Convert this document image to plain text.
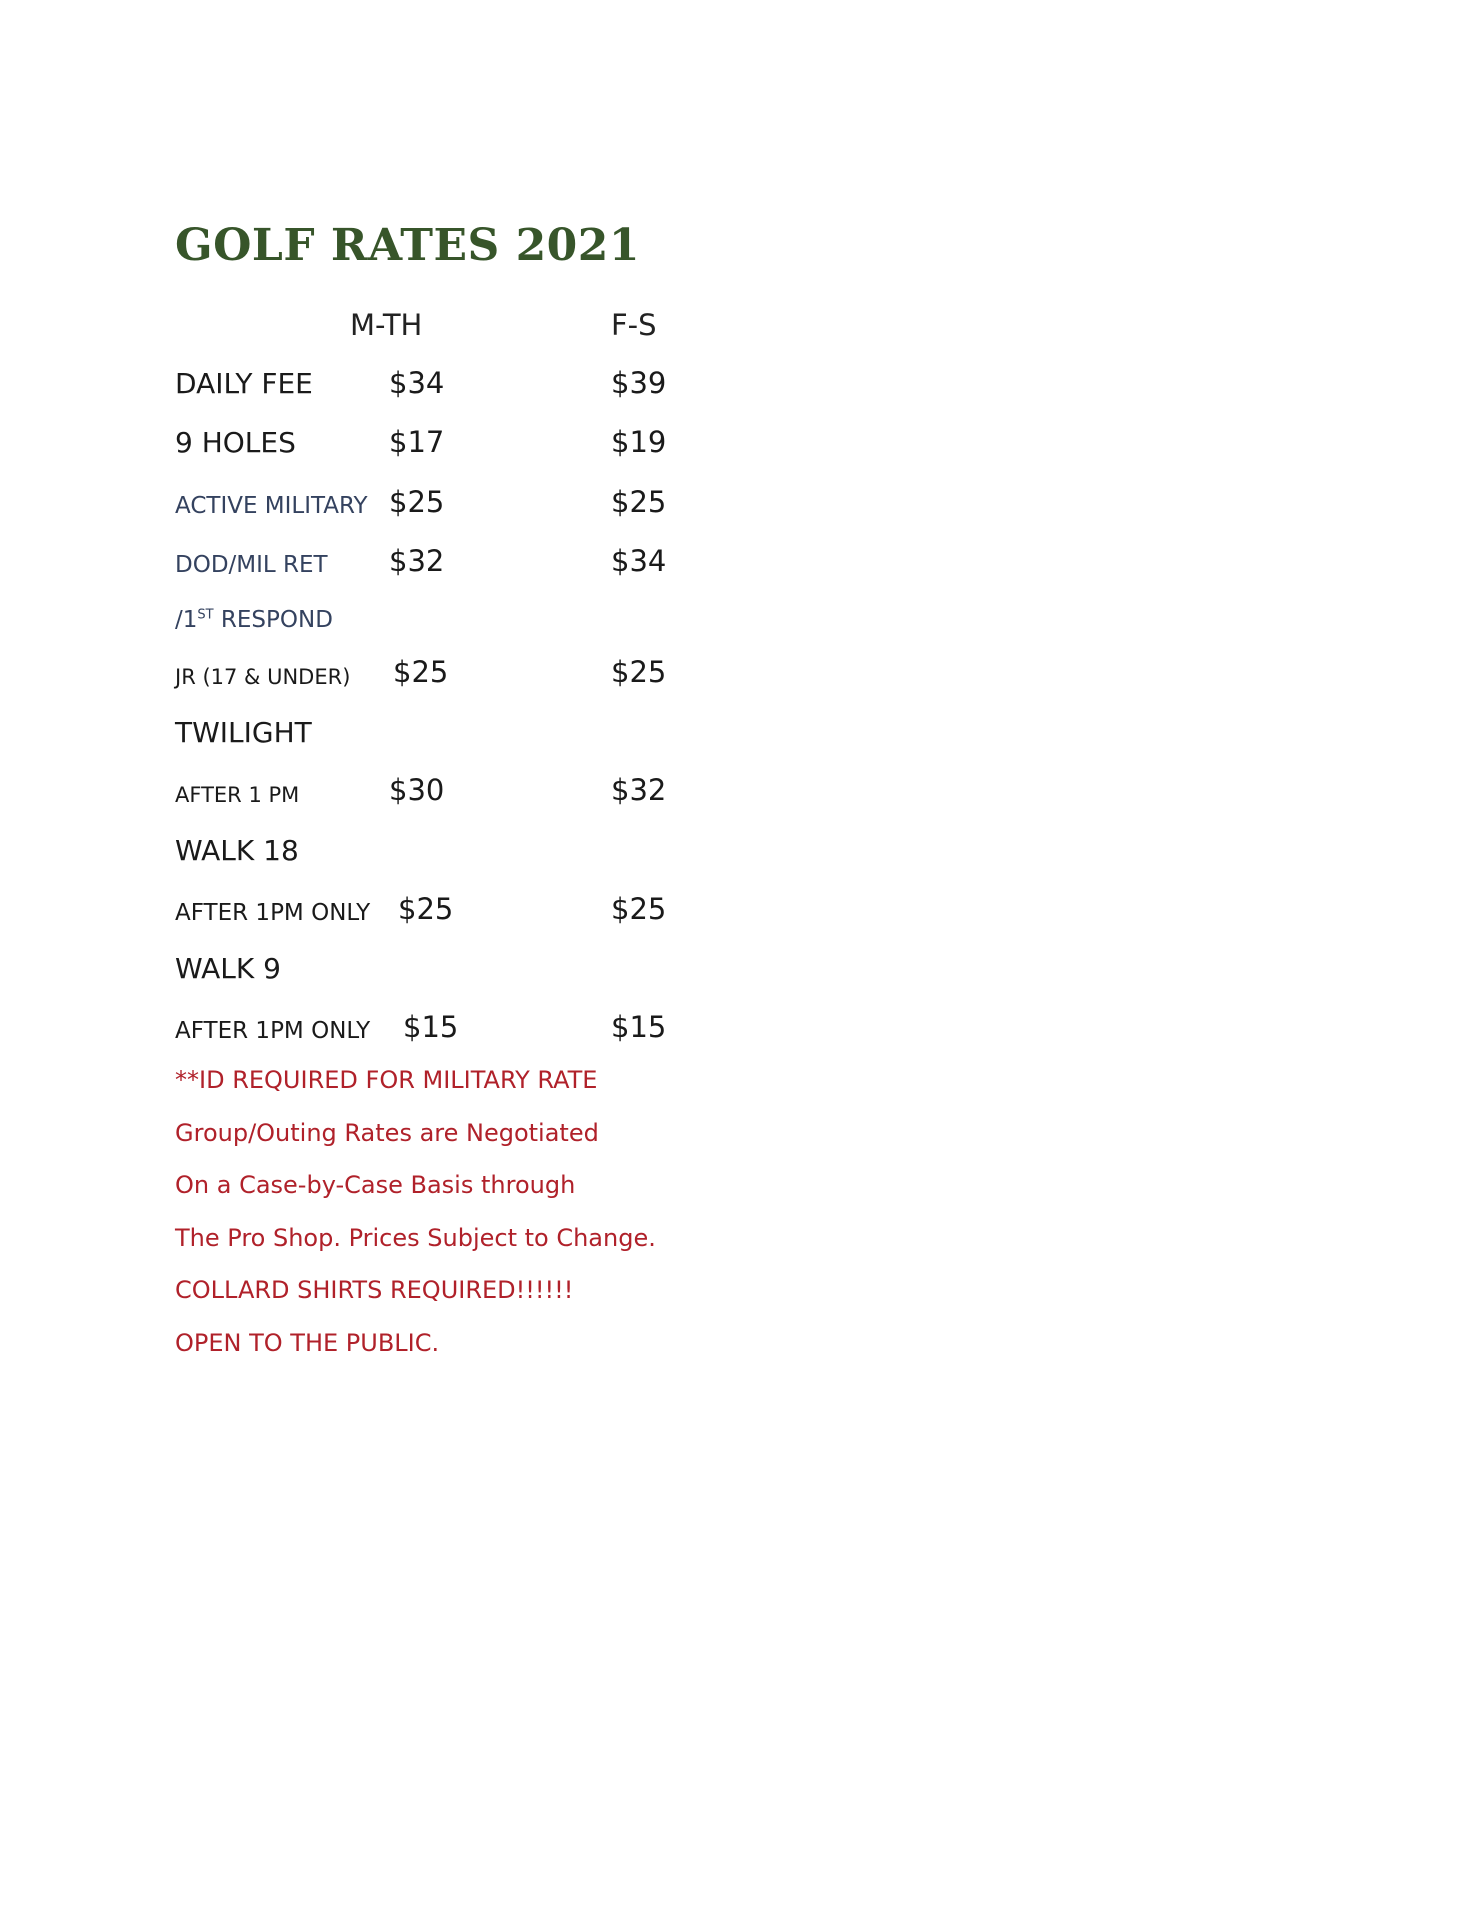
GOLF RATES 2021
M-TH	F-S
DAILY FEE	$34	$39
9 HOLES	$17	$19
ACTIVE MILITARY $25	$25
DOD/MIL RET $32	$34
/1ST RESPOND
JR (17 & UNDER) $25	$25
TWILIGHT
AFTER 1 PM	$30	$32
WALK 18
AFTER 1PM ONLY $25	$25
WALK 9
AFTER 1PM ONLY $15	$15
**ID REQUIRED FOR MILITARY RATE
Group/Outing Rates are Negotiated
On a Case-by-Case Basis through
The Pro Shop. Prices Subject to Change.
COLLARD SHIRTS REQUIRED!!!!!!
OPEN TO THE PUBLIC.
